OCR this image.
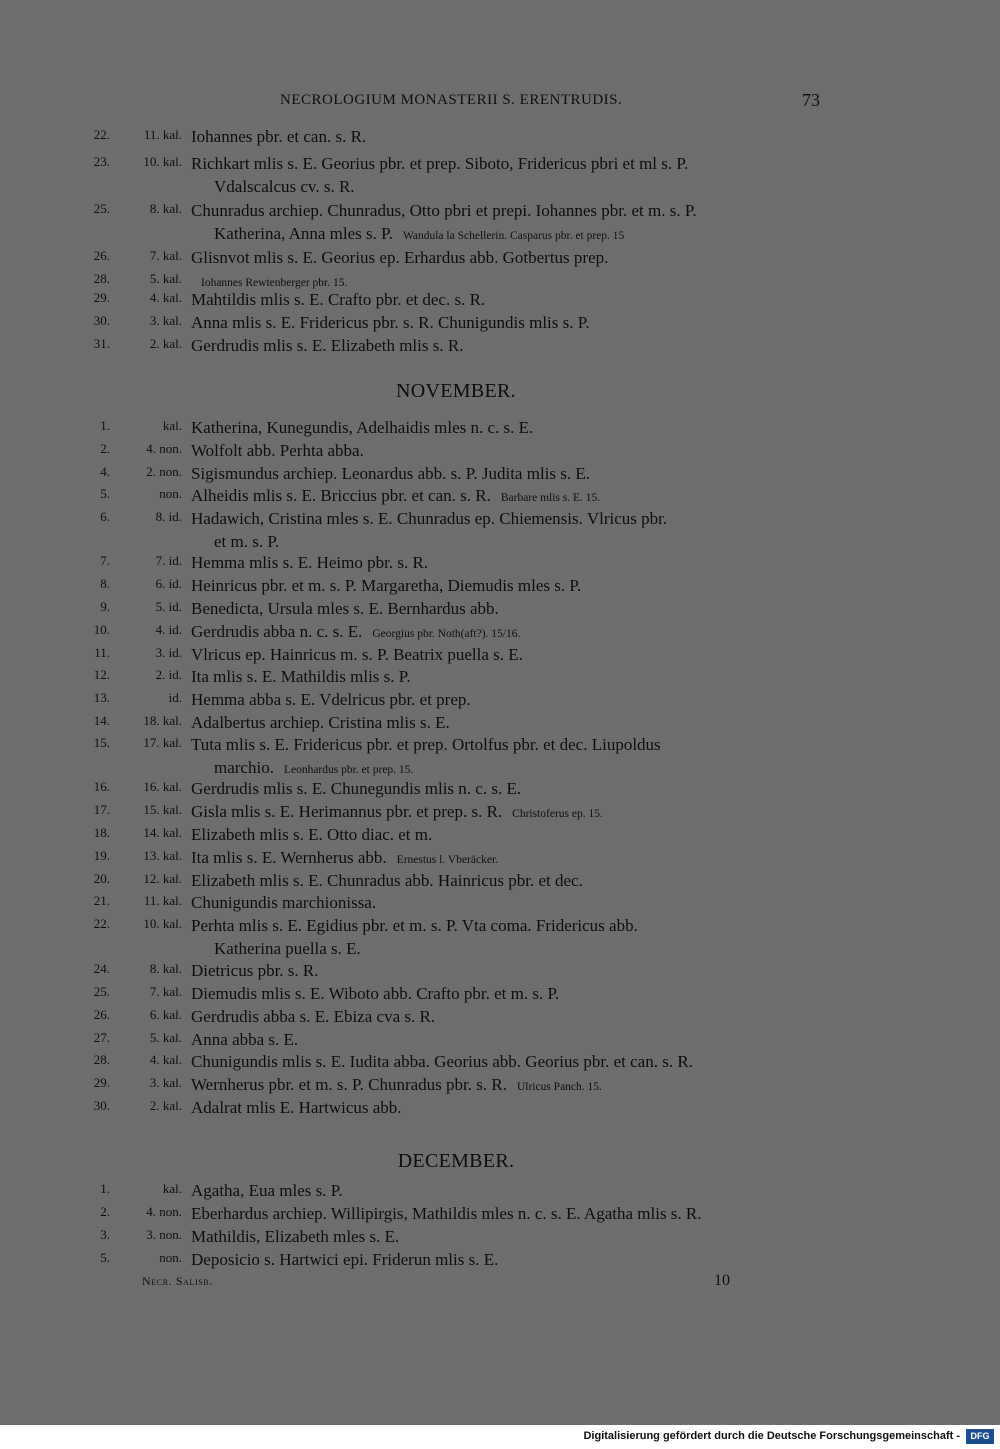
NECROLOGIUM MONASTERII S. ERENTRUDIS.	73
22.	11. kal. Iohannes pbr. et can. s. R.
23.	10. kal. Richkart mlis s. E. Georius pbr. et prep. Siboto, Fridericus pbri et ml s. P.
Vdalscalcus cv. s. R.
25.	8. kal. Chunradus archiep. Chunradus, Otto pbri et prepi. Iohannes pbr. et m. s. P.
Katherina, Anna mles s. P. Wandula la Schellerin. Casparus pbr. et prep. 15
26.	7. kal. Glisnvot mlis s. E. Georius ep. Erhardus abb. Gotbertus prep.
28.	5. kal.	Iohannes Rewtenberger pbr. 15.
29.	4. kal. Mahtildis mlis s. E. Crafto pbr. et dec. s. R.
30.	3. kal. Anna mlis s. E. Fridericus pbr. s. R. Chunigundis mlis s. P.
31.	2. kal. Gerdrudis mlis s. E. Elizabeth mlis s. R.
NOVEMBER.
1.	kal. Katherina, Kunegundis, Adelhaidis mles n. c. s. E.
2.	4. non. Wolfolt abb. Perhta abba.
4.	2. non. Sigismundus archiep. Leonardus abb. s. P. Judita mlis s. E.
5.	non. Alheidis mlis s. E. Briccius pbr. et can. s. R. Barbare mlis s. E. 15.
6.	8. id. Hadawich, Cristina mles s. E. Chunradus ep. Chiemensis. Vlricus pbr.
et m. s. P.
7.	7. id. Hemma mlis s. E. Heimo pbr. s. R.
8.	6. id. Heinricus pbr. et m. s. P. Margaretha, Diemudis mles s. P.
9.	5. id. Benedicta, Ursula mles s. E. Bernhardus abb.
10.	4. id. Gerdrudis abba n. c. s. E. Georgius pbr. Noth(aft?). 15/16.
11.	3. id. Vlricus ep. Hainricus m. s. P. Beatrix puella s. E.
12.	2. id. Ita mlis s. E. Mathildis mlis s. P.
13.	id. Hemma abba s. E. Vdelricus pbr. et prep.
14.	18. kal. Adalbertus archiep. Cristina mlis s. E.
15.	17. kal. Tuta mlis s. E. Fridericus pbr. et prep. Ortolfus pbr. et dec. Liupoldus
marchio. Leonhardus pbr. et prep. 15.
16.	16. kal. Gerdrudis mlis s. E. Chunegundis mlis n. c. s. E.
17.	15. kal. Gisla mlis s. E. Herimannus pbr. et prep. s. R. Christoferus ep. 15.
18.	14. kal. Elizabeth mlis s. E. Otto diac. et m.
19.	13. kal. Ita mlis s. E. Wernherus abb. Ernestus l. Vberäcker.
20.	12. kal. Elizabeth mlis s. E. Chunradus abb. Hainricus pbr. et dec.
21.	11. kal. Chunigundis marchionissa.
22.	10. kal. Perhta mlis s. E. Egidius pbr. et m. s. P. Vta coma. Fridericus abb.
Katherina puella s. E.
24.	8. kal. Dietricus pbr. s. R.
25.	7. kal. Diemudis mlis s. E. Wiboto abb. Crafto pbr. et m. s. P.
26.	6. kal. Gerdrudis abba s. E. Ebiza cva s. R.
27.	5. kal. Anna abba s. E.
28.	4. kal. Chunigundis mlis s. E. Iudita abba. Georius abb. Georius pbr. et can. s. R.
29.	3. kal. Wernherus pbr. et m. s. P. Chunradus pbr. s. R. Ulricus Panch. 15.
30.	2. kal. Adalrat mlis E. Hartwicus abb.
DECEMBER.
1.	kal. Agatha, Eua mles s. P.
2.	4. non. Eberhardus archiep. Willipirgis, Mathildis mles n. c. s. E. Agatha mlis s. R.
3.	3. non. Mathildis, Elizabeth mles s. E.
5.	non. Deposicio s. Hartwici epi. Friderun mlis s. E.
Necr. Salisb.	10
Digitalisierung gefördert durch die Deutsche Forschungsgemeinschaft -	DFG
